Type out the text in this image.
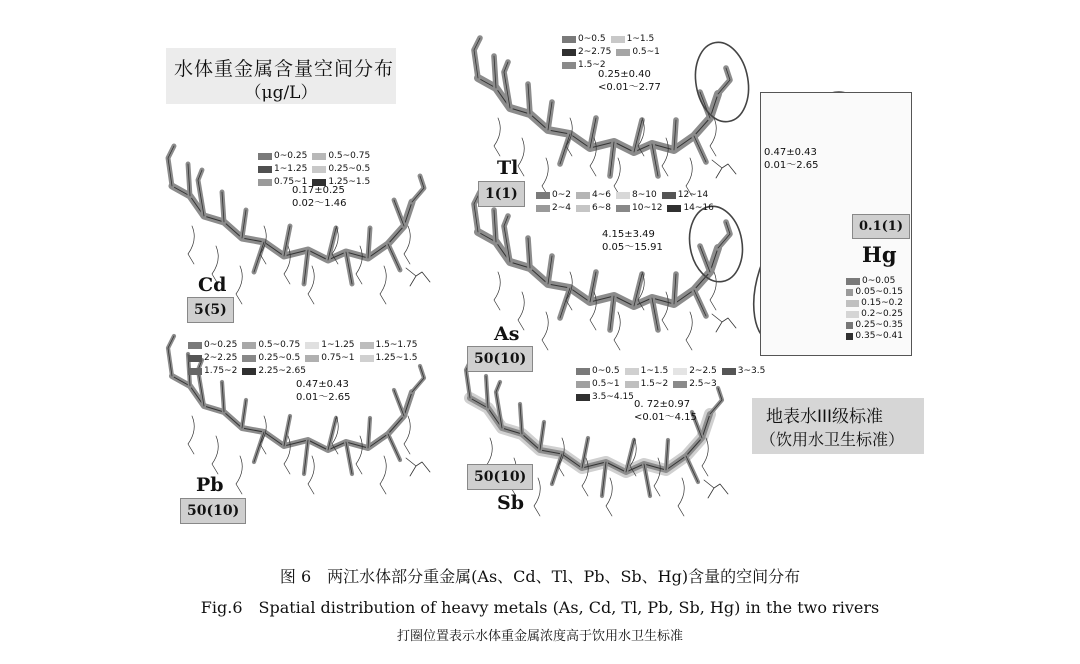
水体重金属含量空间分布
（μg/L）
0~0.25 0.5~0.75
1~1.25 0.25~0.5
0.75~1 1.25~1.5
0.17±0.25
0.02～1.46
Cd
5(5)
0~0.25 0.5~0.75 1~1.25 1.5~1.75
2~2.25 0.25~0.5 0.75~1 1.25~1.5
1.75~2 2.25~2.65
0.47±0.43
0.01～2.65
Pb
50(10)
0~0.5 1~1.5
2~2.75 0.5~1
1.5~2
0.25±0.40
<0.01～2.77
Tl
1(1)	0~2 4~6 8~10 12~14
2~4 6~8 10~12 14~16
4.15±3.49
0.05～15.91
As
50(10)
0~0.5 1~1.5 2~2.5 3~3.5
0.5~1 1.5~2 2.5~3
3.5~4.15
0. 72±0.97
<0.01～4.15
50(10)
Sb
0.47±0.43
0.01～2.65
0.1(1)
Hg
0~0.05
0.05~0.15
0.15~0.2
0.2~0.25
0.25~0.35
0.35~0.41
地表水III级标准
（饮用水卫生标准）
图 6　两江水体部分重金属(As、Cd、Tl、Pb、Sb、Hg)含量的空间分布
Fig.6　Spatial distribution of heavy metals (As, Cd, Tl, Pb, Sb, Hg) in the two rivers
打圈位置表示水体重金属浓度高于饮用水卫生标准
